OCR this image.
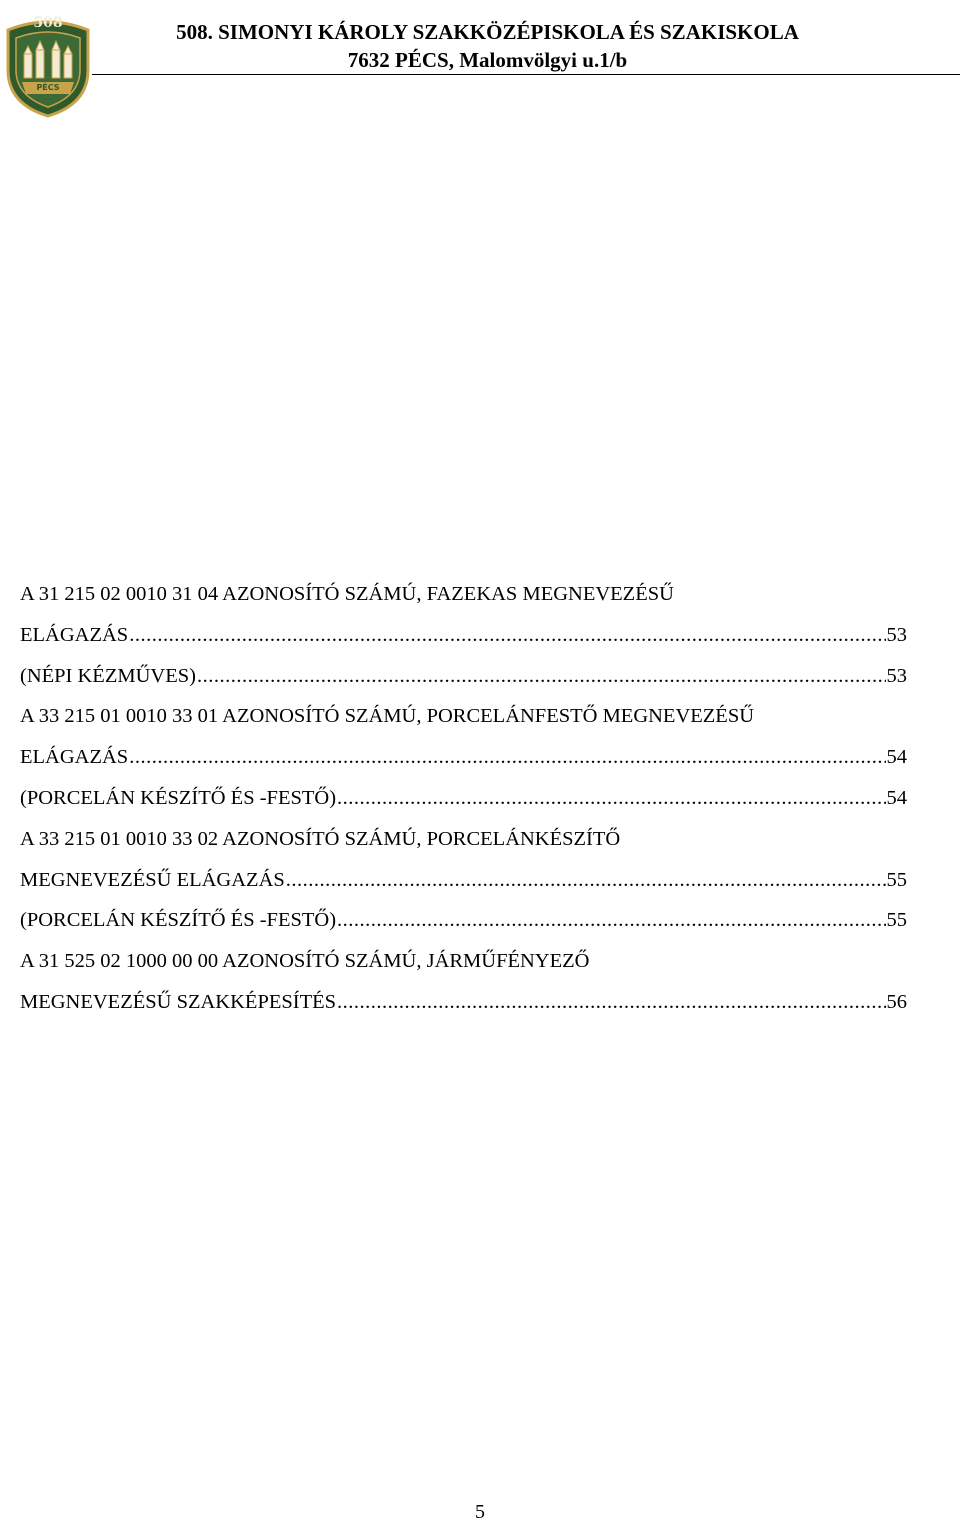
508
PÉCS
508. SIMONYI KÁROLY SZAKKÖZÉPISKOLA ÉS SZAKISKOLA
7632 PÉCS, Malomvölgyi u.1/b
A 31 215 02 0010 31 04 AZONOSÍTÓ SZÁMÚ, FAZEKAS MEGNEVEZÉSŰ
ELÁGAZÁS .....	53
(NÉPI KÉZMŰVES) .....	53
A 33 215 01 0010 33 01 AZONOSÍTÓ SZÁMÚ, PORCELÁNFESTŐ MEGNEVEZÉSŰ
ELÁGAZÁS .....	54
(PORCELÁN KÉSZÍTŐ ÉS -FESTŐ) .....	54
A 33 215 01 0010 33 02 AZONOSÍTÓ SZÁMÚ, PORCELÁNKÉSZÍTŐ
MEGNEVEZÉSŰ ELÁGAZÁS .....	55
(PORCELÁN KÉSZÍTŐ ÉS -FESTŐ) .....	55
A 31 525 02 1000 00 00 AZONOSÍTÓ SZÁMÚ, JÁRMŰFÉNYEZŐ
MEGNEVEZÉSŰ SZAKKÉPESÍTÉS .....	56
5
